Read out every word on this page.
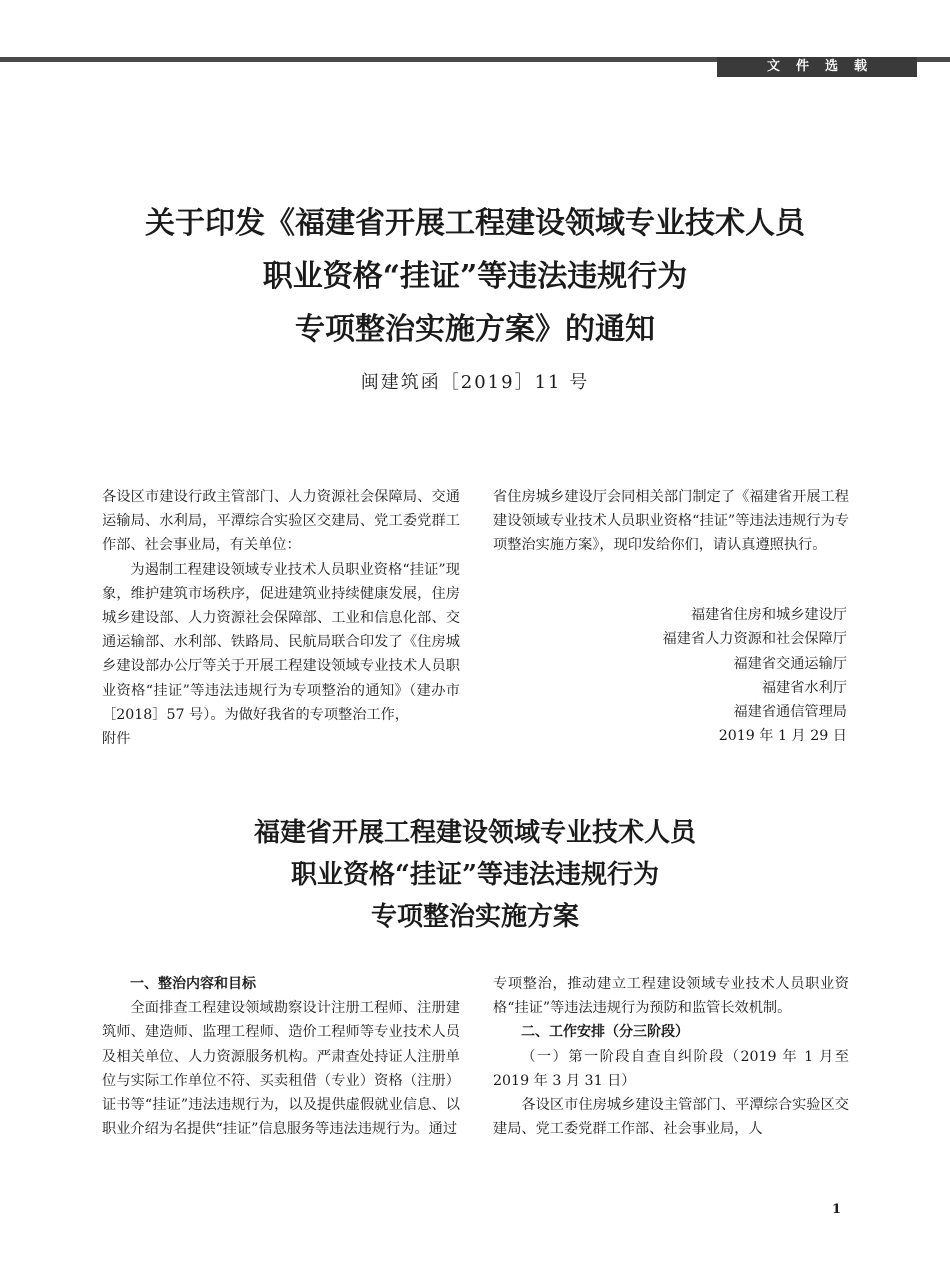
文件选载
关于印发《福建省开展工程建设领域专业技术人员
职业资格“挂证”等违法违规行为
专项整治实施方案》的通知
闽建筑函［2019］11 号

各设区市建设行政主管部门、人力资源社会保障局、交通运输局、水利局，平潭综合实验区交建局、党工委党群工作部、社会事业局，有关单位：

为遏制工程建设领域专业技术人员职业资格“挂证”现象，维护建筑市场秩序，促进建筑业持续健康发展，住房城乡建设部、人力资源社会保障部、工业和信息化部、交通运输部、水利部、铁路局、民航局联合印发了《住房城乡建设部办公厅等关于开展工程建设领域专业技术人员职业资格“挂证”等违法违规行为专项整治的通知》（建办市［2018］57 号）。为做好我省的专项整治工作，

附件

省住房城乡建设厅会同相关部门制定了《福建省开展工程建设领域专业技术人员职业资格“挂证”等违法违规行为专项整治实施方案》，现印发给你们，请认真遵照执行。

福建省住房和城乡建设厅
福建省人力资源和社会保障厅
福建省交通运输厅
福建省水利厅
福建省通信管理局
2019 年 1 月 29 日
福建省开展工程建设领域专业技术人员
职业资格“挂证”等违法违规行为
专项整治实施方案

一、整治内容和目标

全面排查工程建设领域勘察设计注册工程师、注册建筑师、建造师、监理工程师、造价工程师等专业技术人员及相关单位、人力资源服务机构。严肃查处持证人注册单位与实际工作单位不符、买卖租借（专业）资格（注册）证书等“挂证”违法违规行为，以及提供虚假就业信息、以职业介绍为名提供“挂证”信息服务等违法违规行为。通过

专项整治，推动建立工程建设领域专业技术人员职业资格“挂证”等违法违规行为预防和监管长效机制。

二、工作安排（分三阶段）

（一）第一阶段自查自纠阶段（2019 年 1 月至 2019 年 3 月 31 日）

各设区市住房城乡建设主管部门、平潭综合实验区交建局、党工委党群工作部、社会事业局，人

1
